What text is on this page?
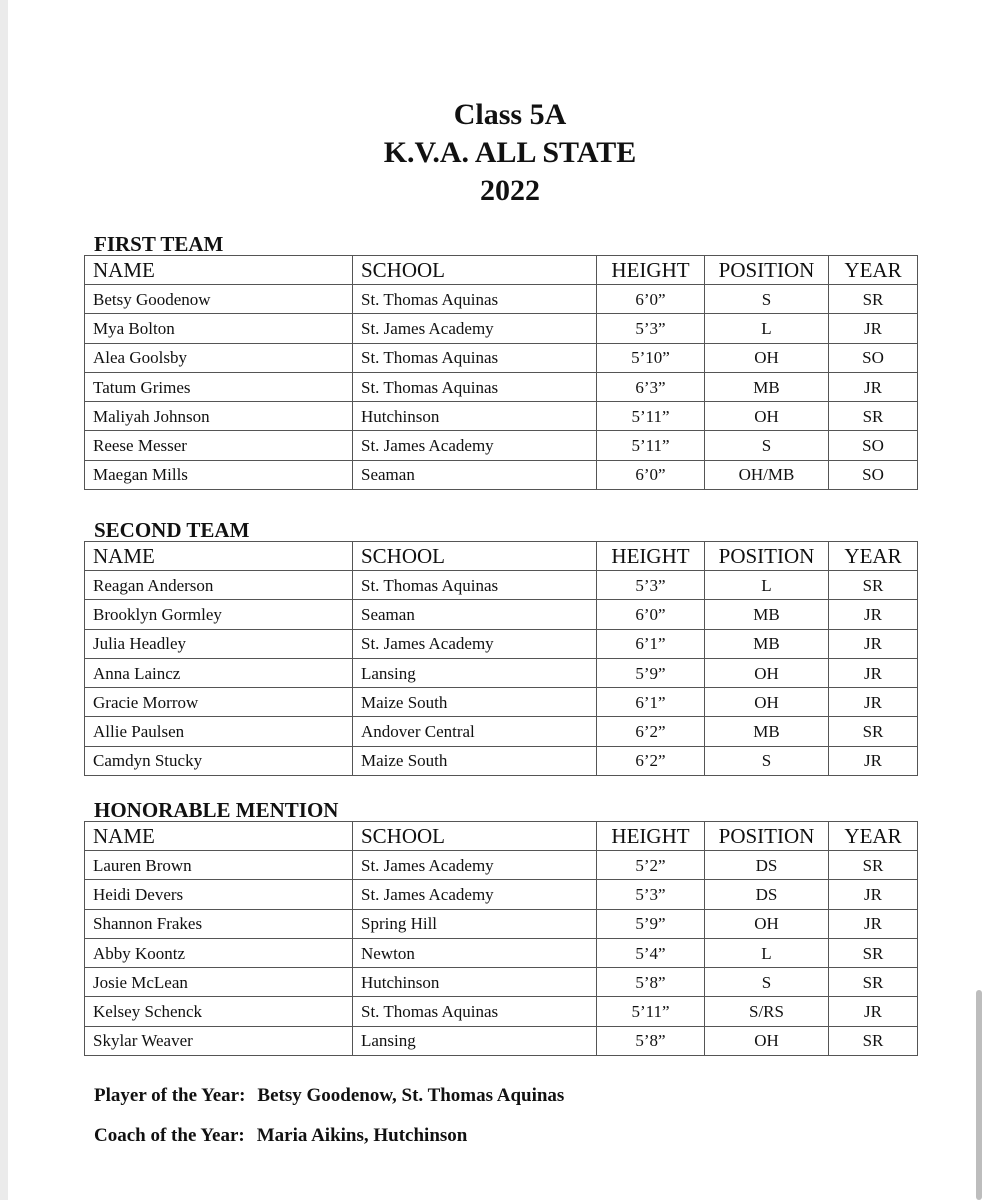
Class 5A
K.V.A. ALL STATE
2022
FIRST TEAM
NAME	SCHOOL	HEIGHT	POSITION	YEAR
Betsy Goodenow	St. Thomas Aquinas	6’0”	S	SR
Mya Bolton	St. James Academy	5’3”	L	JR
Alea Goolsby	St. Thomas Aquinas	5’10”	OH	SO
Tatum Grimes	St. Thomas Aquinas	6’3”	MB	JR
Maliyah Johnson	Hutchinson	5’11”	OH	SR
Reese Messer	St. James Academy	5’11”	S	SO
Maegan Mills	Seaman	6’0”	OH/MB	SO
SECOND TEAM
NAME	SCHOOL	HEIGHT	POSITION	YEAR
Reagan Anderson	St. Thomas Aquinas	5’3”	L	SR
Brooklyn Gormley	Seaman	6’0”	MB	JR
Julia Headley	St. James Academy	6’1”	MB	JR
Anna Laincz	Lansing	5’9”	OH	JR
Gracie Morrow	Maize South	6’1”	OH	JR
Allie Paulsen	Andover Central	6’2”	MB	SR
Camdyn Stucky	Maize South	6’2”	S	JR
HONORABLE MENTION
NAME	SCHOOL	HEIGHT	POSITION	YEAR
Lauren Brown	St. James Academy	5’2”	DS	SR
Heidi Devers	St. James Academy	5’3”	DS	JR
Shannon Frakes	Spring Hill	5’9”	OH	JR
Abby Koontz	Newton	5’4”	L	SR
Josie McLean	Hutchinson	5’8”	S	SR
Kelsey Schenck	St. Thomas Aquinas	5’11”	S/RS	JR
Skylar Weaver	Lansing	5’8”	OH	SR
Player of the Year: Betsy Goodenow, St. Thomas Aquinas
Coach of the Year: Maria Aikins, Hutchinson
